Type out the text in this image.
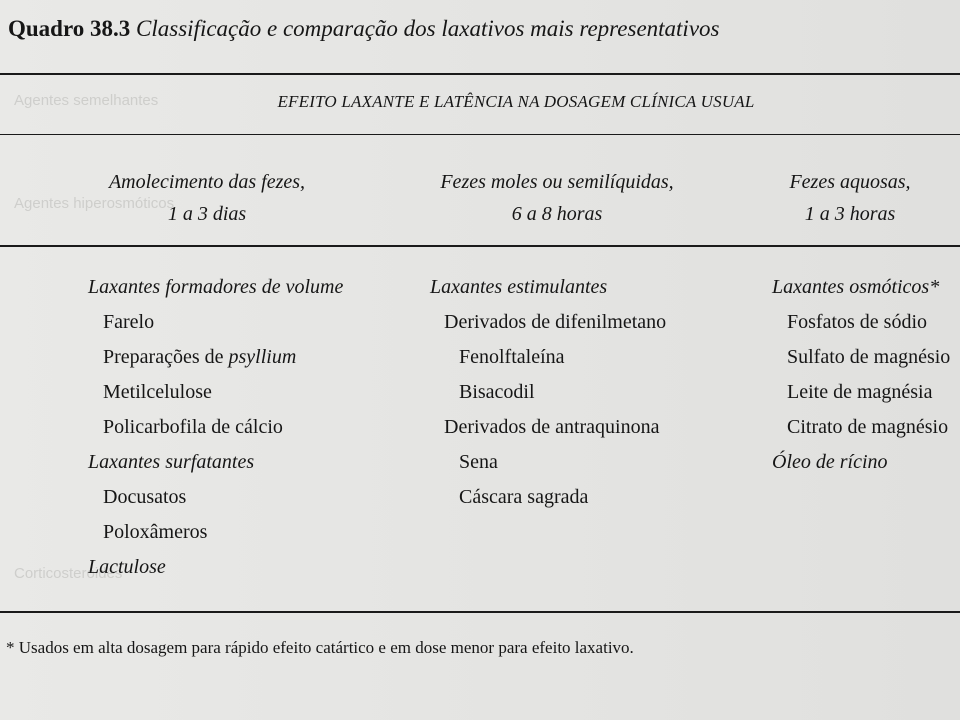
Agentes semelhantes
Agentes hiperosmóticos
Corticosteróides
Quadro 38.3 Classificação e comparação dos laxativos mais representativos
EFEITO LAXANTE E LATÊNCIA NA DOSAGEM CLÍNICA USUAL
Amolecimento das fezes,
1 a 3 dias
Fezes moles ou semilíquidas,
6 a 8 horas
Fezes aquosas,
1 a 3 horas
Laxantes formadores de volume
Farelo
Preparações de psyllium
Metilcelulose
Policarbofila de cálcio
Laxantes surfatantes
Docusatos
Poloxâmeros
Lactulose
Laxantes estimulantes
Derivados de difenilmetano
Fenolftaleína
Bisacodil
Derivados de antraquinona
Sena
Cáscara sagrada
Laxantes osmóticos*
Fosfatos de sódio
Sulfato de magnésio
Leite de magnésia
Citrato de magnésio
Óleo de rícino
* Usados em alta dosagem para rápido efeito catártico e em dose menor para efeito laxativo.
